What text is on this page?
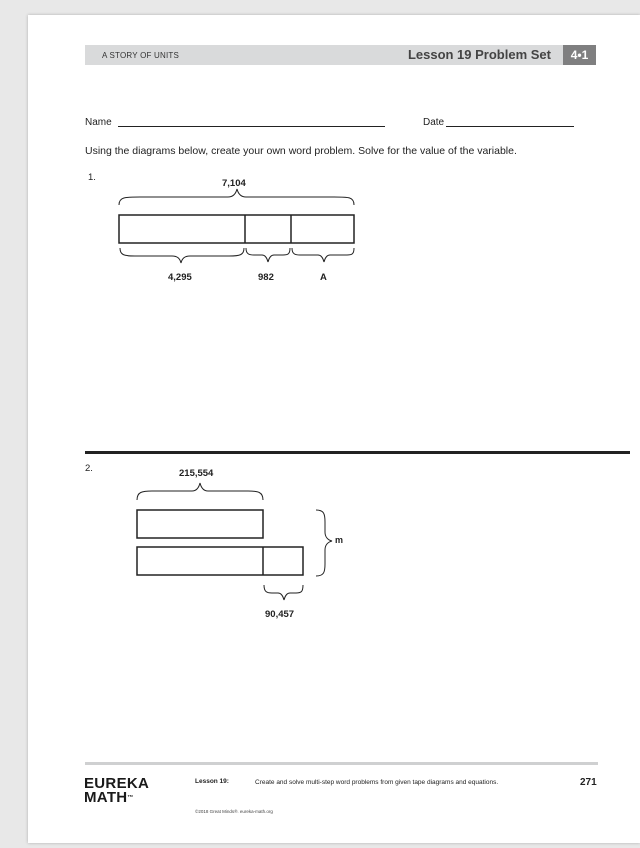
A STORY OF UNITS	Lesson 19 Problem Set	4•1
Name	Date
Using the diagrams below, create your own word problem. Solve for the value of the variable.
1.
7,104
4,295	982	A
2.	215,554
m
90,457
EUREKA
MATH™
Lesson 19:	Create and solve multi-step word problems from given tape diagrams and equations.	271
©2018 Great Minds®. eureka-math.org
